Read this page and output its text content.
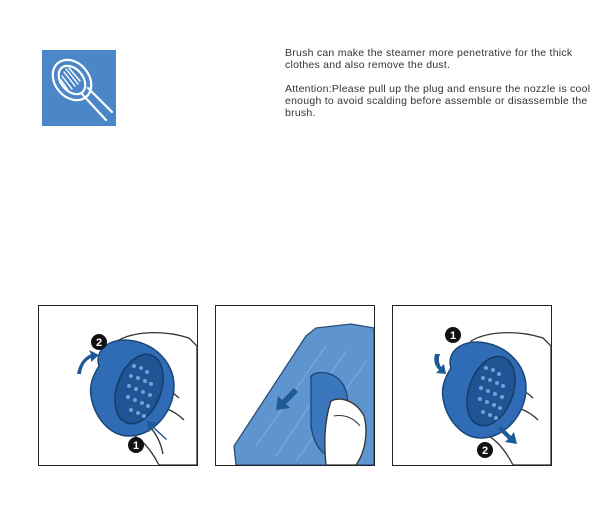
Brush can make the steamer more penetrative for the thick clothes and also remove the dust.

Attention:Please pull up the plug and ensure the nozzle is cool enough to avoid scalding before assemble or disassemble the brush.

2
1
1
2
